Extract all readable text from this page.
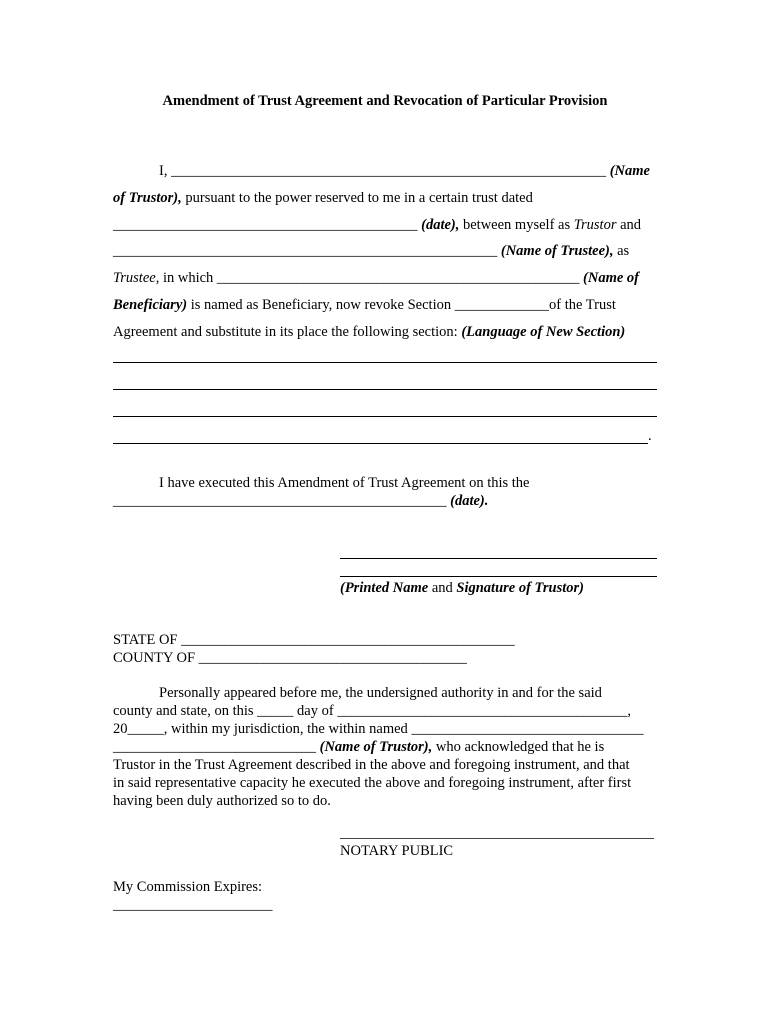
Amendment of Trust Agreement and Revocation of Particular Provision
I, ____________________________________________________________ (Name
of Trustor), pursuant to the power reserved to me in a certain trust dated
__________________________________________ (date), between myself as Trustor and
_____________________________________________________ (Name of Trustee), as
Trustee, in which __________________________________________________ (Name of
Beneficiary) is named as Beneficiary, now revoke Section _____________of the Trust
Agreement and substitute in its place the following section: (Language of New Section)
.
I have executed this Amendment of Trust Agreement on this the
______________________________________________ (date).
(Printed Name and Signature of Trustor)
STATE OF ______________________________________________
COUNTY OF _____________________________________
Personally appeared before me, the undersigned authority in and for the said
county and state, on this _____ day of ________________________________________,
20_____, within my jurisdiction, the within named ________________________________
____________________________ (Name of Trustor), who acknowledged that he is
Trustor in the Trust Agreement described in the above and foregoing instrument, and that
in said representative capacity he executed the above and foregoing instrument, after first
having been duly authorized so to do.
NOTARY PUBLIC
My Commission Expires:
______________________
